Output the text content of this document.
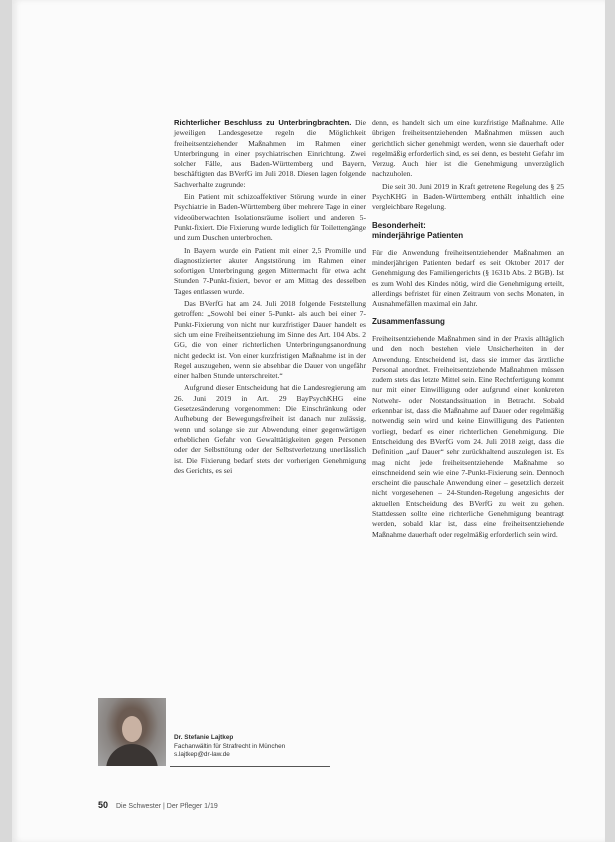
Richterlicher Beschluss zu Unterbringbrachten. Die jeweiligen Landesgesetze regeln die Möglichkeit freiheitsentziehender Maßnahmen im Rahmen einer Unterbringung in einer psychiatrischen Einrichtung. Zwei solcher Fälle, aus Baden-Württemberg und Bayern, beschäftigten das BVerfG im Juli 2018. Diesen lagen folgende Sachverhalte zugrunde:

Ein Patient mit schizoaffektiver Störung wurde in einer Psychiatrie in Baden-Württemberg über mehrere Tage in einer videoüberwachten Isolationsräume isoliert und anderen 5-Punkt-fixiert. Die Fixierung wurde lediglich für Toilettengänge und zum Duschen unterbrochen.

In Bayern wurde ein Patient mit einer 2,5 Promille und diagnostizierter akuter Angststörung im Rahmen einer sofortigen Unterbringung gegen Mittermacht für etwa acht Stunden 7-Punkt-fixiert, bevor er am Mittag des desselben Tages entlassen wurde.

Das BVerfG hat am 24. Juli 2018 folgende Feststellung getroffen: „Sowohl bei einer 5-Punkt- als auch bei einer 7-Punkt-Fixierung von nicht nur kurzfristiger Dauer handelt es sich um eine Freiheitsentziehung im Sinne des Art. 104 Abs. 2 GG, die von einer richterlichen Unterbringungsanordnung nicht gedeckt ist. Von einer kurzfristigen Maßnahme ist in der Regel auszugehen, wenn sie absehbar die Dauer von ungefähr einer halben Stunde unterschreitet.“

Aufgrund dieser Entscheidung hat die Landesregierung am 26. Juni 2019 in Art. 29 BayPsychKHG eine Gesetzesänderung vorgenommen: Die Einschränkung oder Aufhebung der Bewegungsfreiheit ist danach nur zulässig, wenn und solange sie zur Abwendung einer gegenwärtigen erheblichen Gefahr von Gewalttätigkeiten gegen Personen oder der Selbsttötung oder der Selbstverletzung unerlässlich ist. Die Fixierung bedarf stets der vorherigen Genehmigung des Gerichts, es sei

denn, es handelt sich um eine kurzfristige Maßnahme. Alle übrigen freiheitsentziehenden Maßnahmen müssen auch gerichtlich sicher genehmigt werden, wenn sie dauerhaft oder regelmäßig erforderlich sind, es sei denn, es besteht Gefahr im Verzug. Auch hier ist die Genehmigung unverzüglich nachzuholen.

Die seit 30. Juni 2019 in Kraft getretene Regelung des § 25 PsychKHG in Baden-Württemberg enthält inhaltlich eine vergleichbare Regelung.

Besonderheit:
minderjährige Patienten

Für die Anwendung freiheitsentziehender Maßnahmen an minderjährigen Patienten bedarf es seit Oktober 2017 der Genehmigung des Familiengerichts (§ 1631b Abs. 2 BGB). Ist es zum Wohl des Kindes nötig, wird die Genehmigung erteilt, allerdings befristet für einen Zeitraum von sechs Monaten, in Ausnahmefällen maximal ein Jahr.

Zusammenfassung

Freiheitsentziehende Maßnahmen sind in der Praxis alltäglich und den noch bestehen viele Unsicherheiten in der Anwendung. Entscheidend ist, dass sie immer das ärztliche Personal anordnet. Freiheitsentziehende Maßnahmen müssen zudem stets das letzte Mittel sein. Eine Rechtfertigung kommt nur mit einer Einwilligung oder aufgrund einer konkreten Notwehr- oder Notstandssituation in Betracht. Sobald erkennbar ist, dass die Maßnahme auf Dauer oder regelmäßig notwendig sein wird und keine Einwilligung des Patienten vorliegt, bedarf es einer richterlichen Genehmigung. Die Entscheidung des BVerfG vom 24. Juli 2018 zeigt, dass die Definition „auf Dauer“ sehr zurückhaltend auszulegen ist. Es mag nicht jede freiheitsentziehende Maßnahme so einschneidend sein wie eine 7-Punkt-Fixierung sein. Dennoch erscheint die pauschale Anwendung einer – gesetzlich derzeit nicht vorgesehenen – 24-Stunden-Regelung angesichts der aktuellen Entscheidung des BVerfG zu weit zu gehen. Stattdessen sollte eine richterliche Genehmigung beantragt werden, sobald klar ist, dass eine freiheitsentziehende Maßnahme dauerhaft oder regelmäßig erforderlich sein wird.

Dr. Stefanie Lajtkep
Fachanwältin für Strafrecht in München
s.lajtkep@dr-law.de
50 Die Schwester | Der Pfleger 1/19
